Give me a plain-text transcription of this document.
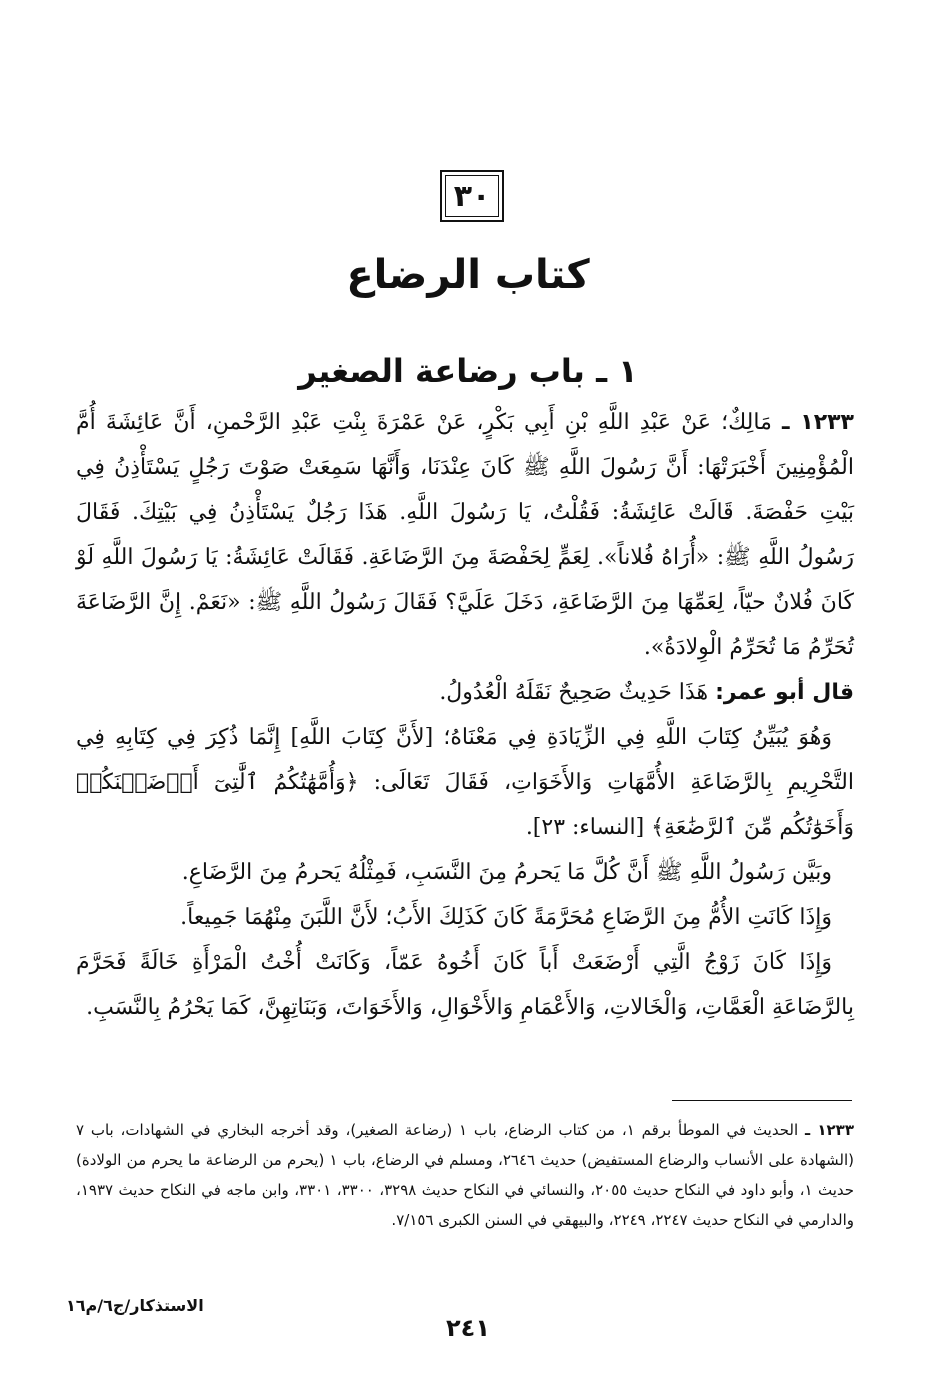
٣٠
كتاب الرضاع
١ ـ باب رضاعة الصغير

١٢٣٣ ـ مَالِكٌ؛ عَنْ عَبْدِ اللَّهِ بْنِ أَبِي بَكْرٍ، عَنْ عَمْرَةَ بِنْتِ عَبْدِ الرَّحْمنِ، أَنَّ عَائِشَةَ أُمَّ الْمُؤْمِنِينَ أَخْبَرَتْهَا: أَنَّ رَسُولَ اللَّهِ ﷺ كَانَ عِنْدَنَا، وَأَنَّهَا سَمِعَتْ صَوْتَ رَجُلٍ يَسْتَأْذِنُ فِي بَيْتِ حَفْصَةَ. قَالَتْ عَائِشَةُ: فَقُلْتُ، يَا رَسُولَ اللَّهِ. هَذَا رَجُلٌ يَسْتَأْذِنُ فِي بَيْتِكَ. فَقَالَ رَسُولُ اللَّهِ ﷺ: «أُرَاهُ فُلاناً». لِعَمٍّ لِحَفْصَةَ مِنَ الرَّضَاعَةِ. فَقَالَتْ عَائِشَةُ: يَا رَسُولَ اللَّهِ لَوْ كَانَ فُلانٌ حيّاً، لِعَمِّهَا مِنَ الرَّضَاعَةِ، دَخَلَ عَلَيَّ؟ فَقَالَ رَسُولُ اللَّهِ ﷺ: «نَعَمْ. إِنَّ الرَّضَاعَةَ تُحَرِّمُ مَا تُحَرِّمُ الْوِلادَةُ».

قال أبو عمر: هَذَا حَدِيثٌ صَحِيحٌ نَقَلَهُ الْعُدُولُ.

وَهُوَ يُبَيِّنُ كِتَابَ اللَّهِ فِي الزِّيَادَةِ فِي مَعْنَاهُ؛ [لأَنَّ كِتَابَ اللَّهِ] إِنَّمَا ذُكِرَ فِي كِتَابِهِ فِي التَّحْرِيمِ بِالرَّضَاعَةِ الأُمَّهَاتِ وَالأَخَوَاتِ، فَقَالَ تَعَالَى: ﴿وَأُمَّهَٰتُكُمُ ٱلَّٰتِىٓ أَرۡضَعۡنَكُمۡ وَأَخَوَٰتُكُم مِّنَ ٱلرَّضَٰعَةِ﴾ [النساء: ٢٣].

وبَيَّن رَسُولُ اللَّهِ ﷺ أَنَّ كُلَّ مَا يَحرمُ مِنَ النَّسَبِ، فَمِثْلُهُ يَحرمُ مِنَ الرَّضَاعِ.

وَإِذَا كَانَتِ الأُمُّ مِنَ الرَّضَاعِ مُحَرَّمَةً كَانَ كَذَلِكَ الأَبُ؛ لأَنَّ اللَّبَنَ مِنْهُمَا جَمِيعاً.

وَإِذَا كَانَ زَوْجُ الَّتِي أَرْضَعَتْ أَباً كَانَ أَخُوهُ عَمّاً، وَكَانَتْ أُخْتُ الْمَرْأَةِ خَالَةً فَحَرَّمَ بِالرَّضَاعَةِ الْعَمَّاتِ، وَالْخَالاتِ، وَالأَعْمَامِ وَالأَخْوَالِ، وَالأَخَوَاتَ، وَبَنَاتِهِنَّ، كَمَا يَحْرُمُ بِالنَّسَبِ.

١٢٣٣ ـ الحديث في الموطأ برقم ١، من كتاب الرضاع، باب ١ (رضاعة الصغير)، وقد أخرجه البخاري في الشهادات، باب ٧ (الشهادة على الأنساب والرضاع المستفيض) حديث ٢٦٤٦، ومسلم في الرضاع، باب ١ (يحرم من الرضاعة ما يحرم من الولادة) حديث ١، وأبو داود في النكاح حديث ٢٠٥٥، والنسائي في النكاح حديث ٣٢٩٨، ٣٣٠٠، ٣٣٠١، وابن ماجه في النكاح حديث ١٩٣٧، والدارمي في النكاح حديث ٢٢٤٧، ٢٢٤٩، والبيهقي في السنن الكبرى ٧/١٥٦.
الاستذكار/ج٦/م١٦
٢٤١
